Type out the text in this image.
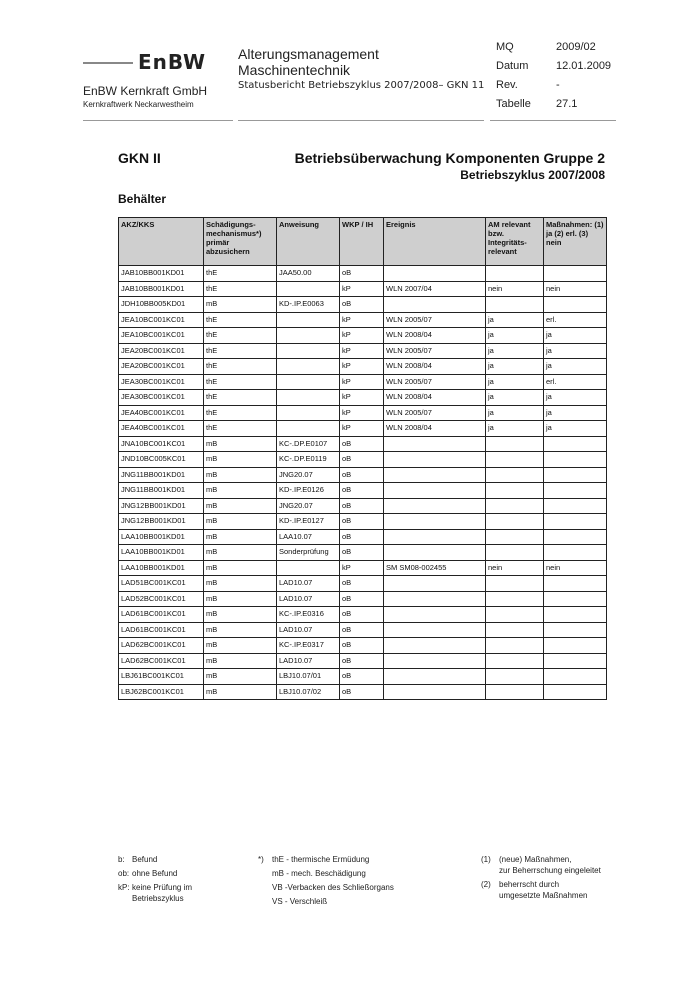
EnBW
EnBW Kernkraft GmbH
Kernkraftwerk Neckarwestheim
Alterungsmanagement
Maschinentechnik
Statusbericht Betriebszyklus 2007/2008– GKN 11
MQ	2009/02
Datum	12.01.2009
Rev.	-
Tabelle 27.1
GKN II	Betriebsüberwachung Komponenten Gruppe 2
Betriebszyklus 2007/2008
Behälter
AKZ/KKS	Schädigungs-mechanismus*) primär abzusichern	Anweisung	WKP / IH	Ereignis	AM relevant bzw. Integritäts-relevant	Maßnahmen: (1) ja (2) erl. (3) nein
JAB10BB001KD01	thE	JAA50.00	oB			
JAB10BB001KD01	thE		kP	WLN 2007/04	nein	nein
JDH10BB005KD01	mB	KD-.IP.E0063	oB			
JEA10BC001KC01	thE		kP	WLN 2005/07	ja	erl.
JEA10BC001KC01	thE		kP	WLN 2008/04	ja	ja
JEA20BC001KC01	thE		kP	WLN 2005/07	ja	ja
JEA20BC001KC01	thE		kP	WLN 2008/04	ja	ja
JEA30BC001KC01	thE		kP	WLN 2005/07	ja	erl.
JEA30BC001KC01	thE		kP	WLN 2008/04	ja	ja
JEA40BC001KC01	thE		kP	WLN 2005/07	ja	ja
JEA40BC001KC01	thE		kP	WLN 2008/04	ja	ja
JNA10BC001KC01	mB	KC-.DP.E0107	oB			
JND10BC005KC01	mB	KC-.DP.E0119	oB			
JNG11BB001KD01	mB	JNG20.07	oB			
JNG11BB001KD01	mB	KD-.IP.E0126	oB			
JNG12BB001KD01	mB	JNG20.07	oB			
JNG12BB001KD01	mB	KD-.IP.E0127	oB			
LAA10BB001KD01	mB	LAA10.07	oB			
LAA10BB001KD01	mB	Sonderprüfung	oB			
LAA10BB001KD01	mB		kP	SM SM08-002455	nein	nein
LAD51BC001KC01	mB	LAD10.07	oB			
LAD52BC001KC01	mB	LAD10.07	oB			
LAD61BC001KC01	mB	KC-.IP.E0316	oB			
LAD61BC001KC01	mB	LAD10.07	oB			
LAD62BC001KC01	mB	KC-.IP.E0317	oB			
LAD62BC001KC01	mB	LAD10.07	oB			
LBJ61BC001KC01	mB	LBJ10.07/01	oB			
LBJ62BC001KC01	mB	LBJ10.07/02	oB			
b: Befund
ob: ohne Befund
kP: keine Prüfung im
Betriebszyklus
*) thE - thermische Ermüdung
mB - mech. Beschädigung
VB -Verbacken des Schließorgans
VS - Verschleiß
(1) (neue) Maßnahmen,
zur Beherrschung eingeleitet
(2) beherrscht durch
umgesetzte Maßnahmen
